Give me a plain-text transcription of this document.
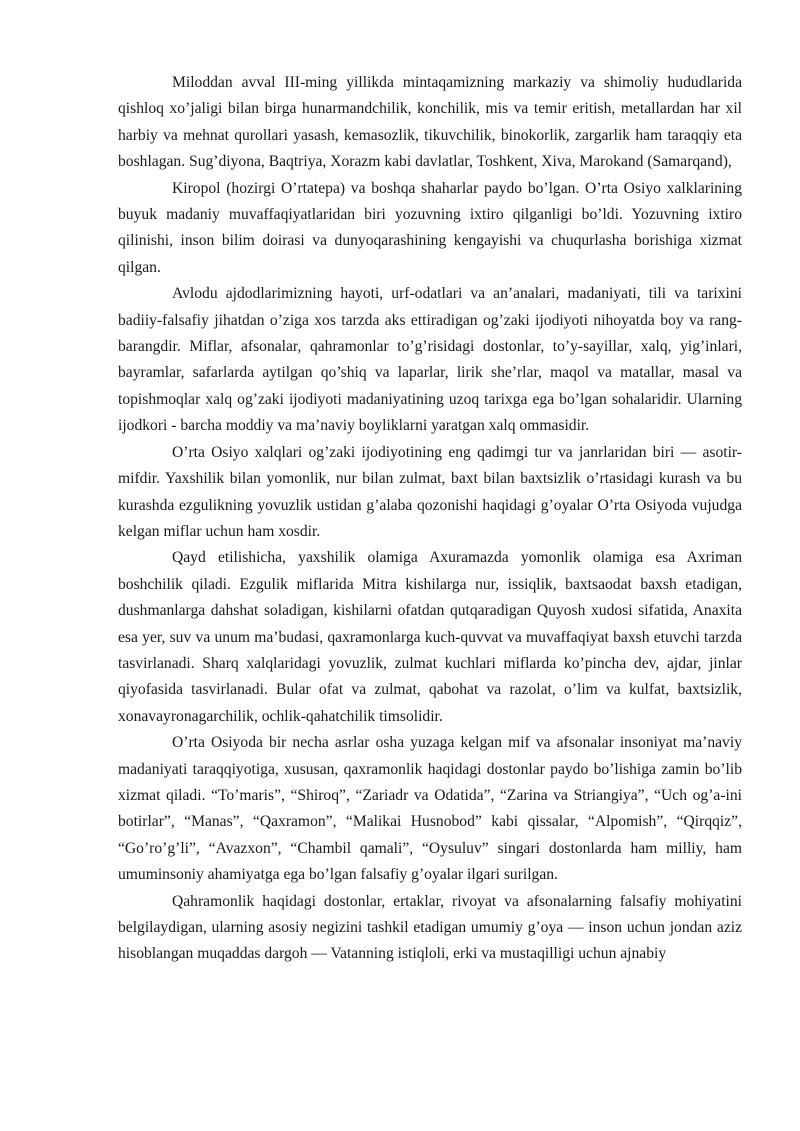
Miloddan avval III-ming yillikda mintaqamizning markaziy va shimoliy hududlarida qishloq xo’jaligi bilan birga hunarmandchilik, konchilik, mis va temir eritish, metallardan har xil harbiy va mehnat qurollari yasash, kemasozlik, tikuvchilik, binokorlik, zargarlik ham taraqqiy eta boshlagan. Sug’diyona, Baqtriya, Xorazm kabi davlatlar, Toshkent, Xiva, Marokand (Samarqand),

Kiropol (hozirgi O’rtatepa) va boshqa shaharlar paydo bo’lgan. O’rta Osiyo xalklarining buyuk madaniy muvaffaqiyatlaridan biri yozuvning ixtiro qilganligi bo’ldi. Yozuvning ixtiro qilinishi, inson bilim doirasi va dunyoqarashining kengayishi va chuqurlasha borishiga xizmat qilgan.

Avlodu ajdodlarimizning hayoti, urf-odatlari va an’analari, madaniyati, tili va tarixini badiiy-falsafiy jihatdan o’ziga xos tarzda aks ettiradigan og’zaki ijodiyoti nihoyatda boy va rang-barangdir. Miflar, afsonalar, qahramonlar to’g’risidagi dostonlar, to’y-sayillar, xalq, yig’inlari, bayramlar, safarlarda aytilgan qo’shiq va laparlar, lirik she’rlar, maqol va matallar, masal va topishmoqlar xalq og’zaki ijodiyoti madaniyatining uzoq tarixga ega bo’lgan sohalaridir. Ularning ijodkori - barcha moddiy va ma’naviy boyliklarni yaratgan xalq ommasidir.

O’rta Osiyo xalqlari og’zaki ijodiyotining eng qadimgi tur va janrlaridan biri — asotir-mifdir. Yaxshilik bilan yomonlik, nur bilan zulmat, baxt bilan baxtsizlik o’rtasidagi kurash va bu kurashda ezgulikning yovuzlik ustidan g’alaba qozonishi haqidagi g’oyalar O’rta Osiyoda vujudga kelgan miflar uchun ham xosdir.

Qayd etilishicha, yaxshilik olamiga Axuramazda yomonlik olamiga esa Axriman boshchilik qiladi. Ezgulik miflarida Mitra kishilarga nur, issiqlik, baxtsaodat baxsh etadigan, dushmanlarga dahshat soladigan, kishilarni ofatdan qutqaradigan Quyosh xudosi sifatida, Anaxita esa yer, suv va unum ma’budasi, qaxramonlarga kuch-quvvat va muvaffaqiyat baxsh etuvchi tarzda tasvirlanadi. Sharq xalqlaridagi yovuzlik, zulmat kuchlari miflarda ko’pincha dev, ajdar, jinlar qiyofasida tasvirlanadi. Bular ofat va zulmat, qabohat va razolat, o’lim va kulfat, baxtsizlik, xonavayronagarchilik, ochlik-qahatchilik timsolidir.

O’rta Osiyoda bir necha asrlar osha yuzaga kelgan mif va afsonalar insoniyat ma’naviy madaniyati taraqqiyotiga, xususan, qaxramonlik haqidagi dostonlar paydo bo’lishiga zamin bo’lib xizmat qiladi. “To’maris”, “Shiroq”, “Zariadr va Odatida”, “Zarina va Striangiya”, “Uch og’a-ini botirlar”, “Manas”, “Qaxramon”, “Malikai Husnobod” kabi qissalar, “Alpomish”, “Qirqqiz”, “Go’ro’g’li”, “Avazxon”, “Chambil qamali”, “Oysuluv” singari dostonlarda ham milliy, ham umuminsoniy ahamiyatga ega bo’lgan falsafiy g’oyalar ilgari surilgan.

Qahramonlik haqidagi dostonlar, ertaklar, rivoyat va afsonalarning falsafiy mohiyatini belgilaydigan, ularning asosiy negizini tashkil etadigan umumiy g’oya — inson uchun jondan aziz hisoblangan muqaddas dargoh — Vatanning istiqloli, erki va mustaqilligi uchun ajnabiy
